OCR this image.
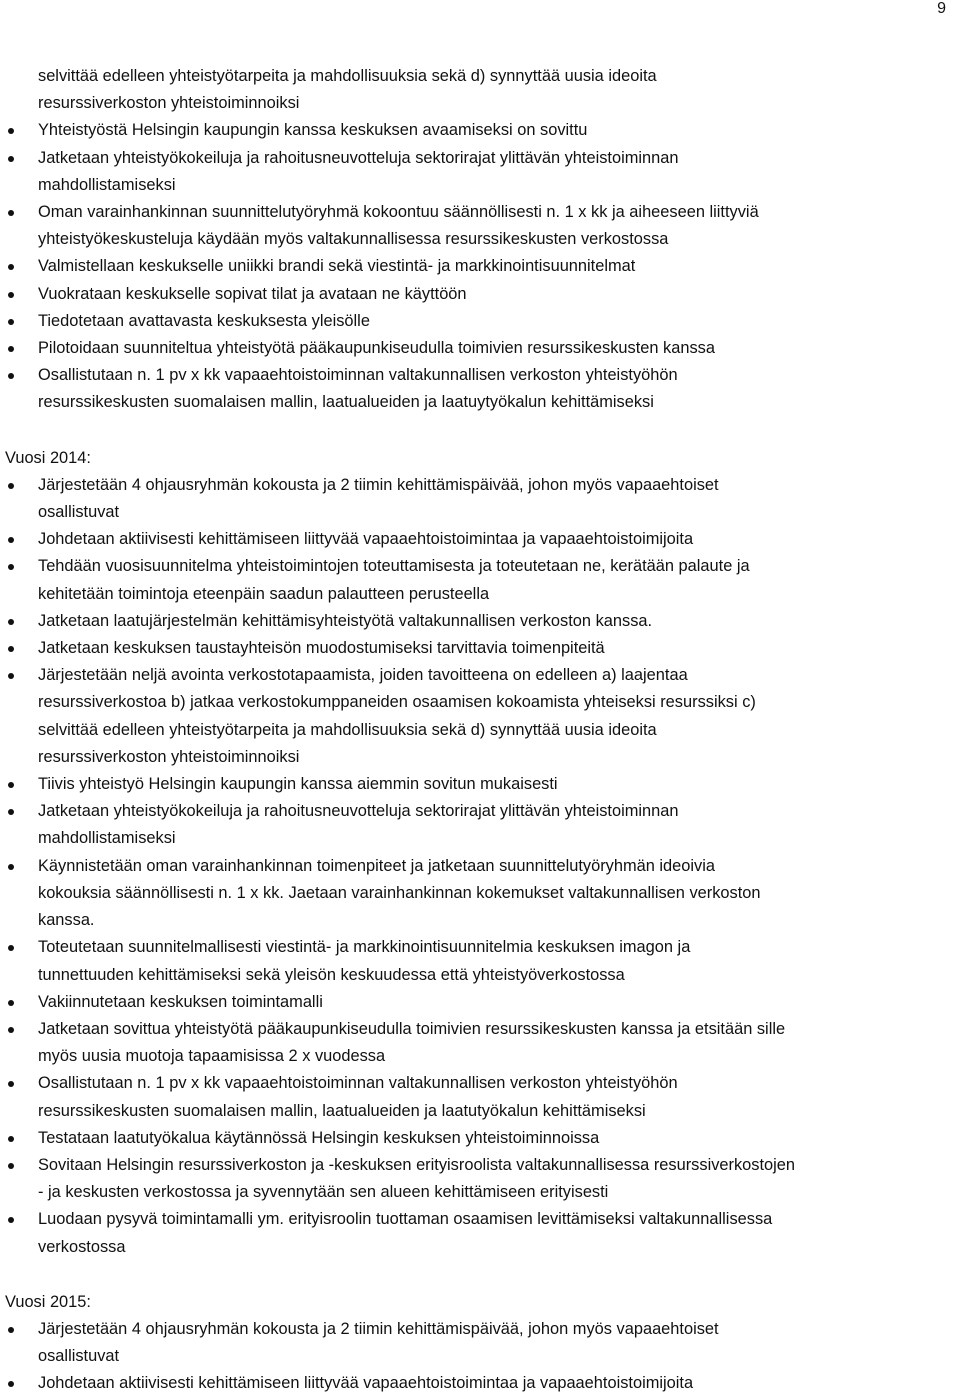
9
selvittää edelleen yhteistyötarpeita ja mahdollisuuksia sekä d) synnyttää uusia ideoita
resurssiverkoston yhteistoiminnoiksi
Yhteistyöstä Helsingin kaupungin kanssa keskuksen avaamiseksi on sovittu
Jatketaan yhteistyökokeiluja ja rahoitusneuvotteluja sektorirajat ylittävän yhteistoiminnan
mahdollistamiseksi
Oman varainhankinnan suunnittelutyöryhmä kokoontuu säännöllisesti n. 1 x kk ja aiheeseen liittyviä
yhteistyökeskusteluja käydään myös valtakunnallisessa resurssikeskusten verkostossa
Valmistellaan keskukselle uniikki brandi sekä viestintä- ja markkinointisuunnitelmat
Vuokrataan keskukselle sopivat tilat ja avataan ne käyttöön
Tiedotetaan avattavasta keskuksesta yleisölle
Pilotoidaan suunniteltua yhteistyötä pääkaupunkiseudulla toimivien resurssikeskusten kanssa
Osallistutaan n. 1 pv x kk vapaaehtoistoiminnan valtakunnallisen verkoston yhteistyöhön
resurssikeskusten suomalaisen mallin, laatualueiden ja laatuytyökalun kehittämiseksi

Vuosi 2014:

Järjestetään 4 ohjausryhmän kokousta ja 2 tiimin kehittämispäivää, johon myös vapaaehtoiset
osallistuvat
Johdetaan aktiivisesti kehittämiseen liittyvää vapaaehtoistoimintaa ja vapaaehtoistoimijoita
Tehdään vuosisuunnitelma yhteistoimintojen toteuttamisesta ja toteutetaan ne, kerätään palaute ja
kehitetään toimintoja eteenpäin saadun palautteen perusteella
Jatketaan laatujärjestelmän kehittämisyhteistyötä valtakunnallisen verkoston kanssa.
Jatketaan keskuksen taustayhteisön muodostumiseksi tarvittavia toimenpiteitä
Järjestetään neljä avointa verkostotapaamista, joiden tavoitteena on edelleen a) laajentaa
resurssiverkostoa b) jatkaa verkostokumppaneiden osaamisen kokoamista yhteiseksi resurssiksi c)
selvittää edelleen yhteistyötarpeita ja mahdollisuuksia sekä d) synnyttää uusia ideoita
resurssiverkoston yhteistoiminnoiksi
Tiivis yhteistyö Helsingin kaupungin kanssa aiemmin sovitun mukaisesti
Jatketaan yhteistyökokeiluja ja rahoitusneuvotteluja sektorirajat ylittävän yhteistoiminnan
mahdollistamiseksi
Käynnistetään oman varainhankinnan toimenpiteet ja jatketaan suunnittelutyöryhmän ideoivia
kokouksia säännöllisesti n. 1 x kk. Jaetaan varainhankinnan kokemukset valtakunnallisen verkoston
kanssa.
Toteutetaan suunnitelmallisesti viestintä- ja markkinointisuunnitelmia keskuksen imagon ja
tunnettuuden kehittämiseksi sekä yleisön keskuudessa että yhteistyöverkostossa
Vakiinnutetaan keskuksen toimintamalli
Jatketaan sovittua yhteistyötä pääkaupunkiseudulla toimivien resurssikeskusten kanssa ja etsitään sille
myös uusia muotoja tapaamisissa 2 x vuodessa
Osallistutaan n. 1 pv x kk vapaaehtoistoiminnan valtakunnallisen verkoston yhteistyöhön
resurssikeskusten suomalaisen mallin, laatualueiden ja laatutyökalun kehittämiseksi
Testataan laatutyökalua käytännössä Helsingin keskuksen yhteistoiminnoissa
Sovitaan Helsingin resurssiverkoston ja -keskuksen erityisroolista valtakunnallisessa resurssiverkostojen
- ja keskusten verkostossa ja syvennytään sen alueen kehittämiseen erityisesti
Luodaan pysyvä toimintamalli ym. erityisroolin tuottaman osaamisen levittämiseksi valtakunnallisessa
verkostossa

Vuosi 2015:

Järjestetään 4 ohjausryhmän kokousta ja 2 tiimin kehittämispäivää, johon myös vapaaehtoiset
osallistuvat
Johdetaan aktiivisesti kehittämiseen liittyvää vapaaehtoistoimintaa ja vapaaehtoistoimijoita
